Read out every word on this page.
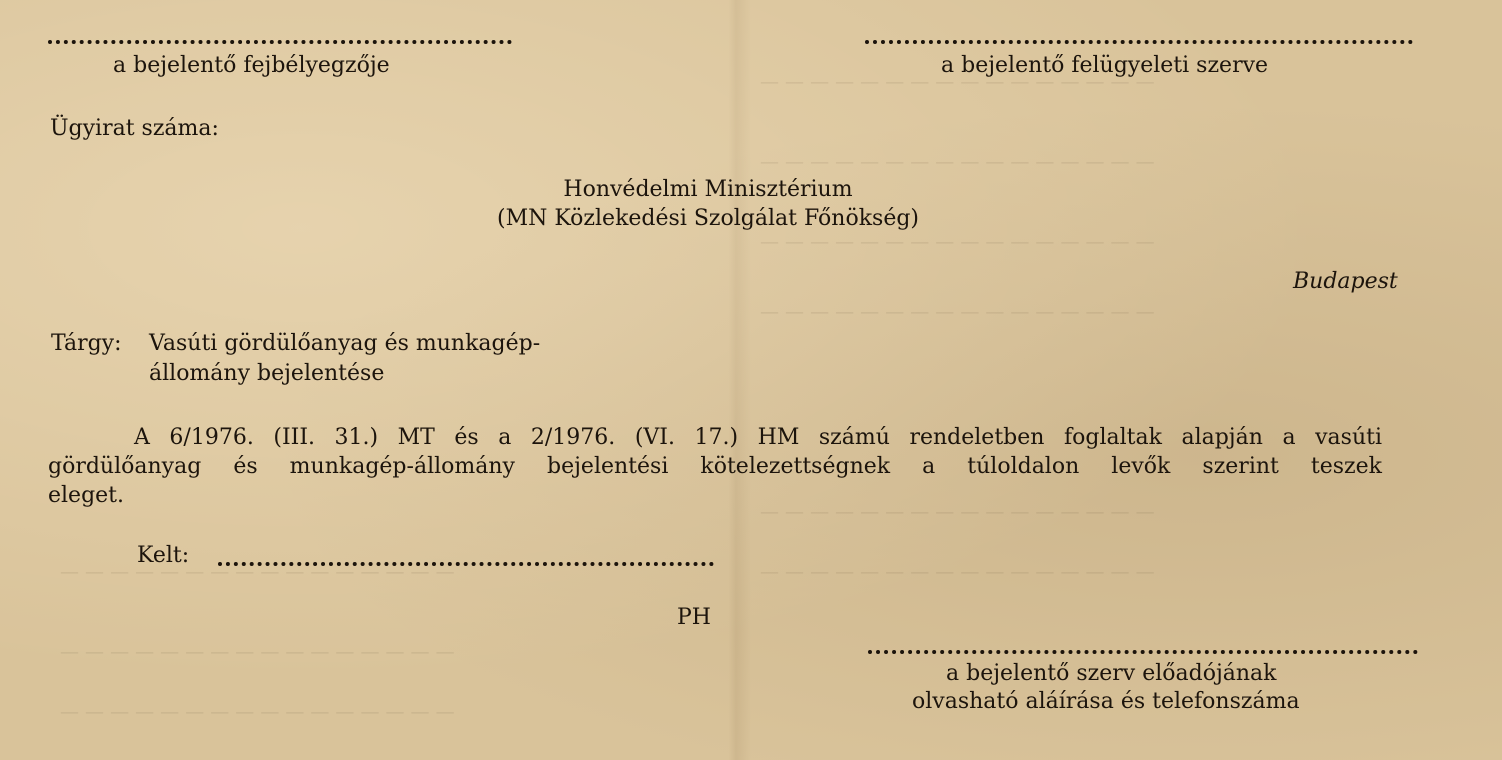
— — — — — — — — — — — — — — — —
— — — — — — — — — — — — — — — —
— — — — — — — — — — — — — — — —
— — — — — — — — — — — — — — — —
— — — — — — — — — — — — — — — —
— — — — — — — — — — — — — — — —
— — — — — — — — — — — — — — — —
— — — — — — — — — — — — — — — —
— — — — — — — — — — — — — — — —
a bejelentő fejbélyegzője	a bejelentő felügyeleti szerve
Ügyirat száma:
Honvédelmi Minisztérium
(MN Közlekedési Szolgálat Főnökség)
Budapest
Tárgy: Vasúti gördülőanyag és munkagép-
állomány bejelentése
A 6/1976. (III. 31.) MT és a 2/1976. (VI. 17.) HM számú rendeletben foglaltak alapján a vasúti
gördülőanyag és munkagép-állomány bejelentési kötelezettségnek a túloldalon levők szerint teszek
eleget.
Kelt:
PH
a bejelentő szerv előadójának
olvasható aláírása és telefonszáma
